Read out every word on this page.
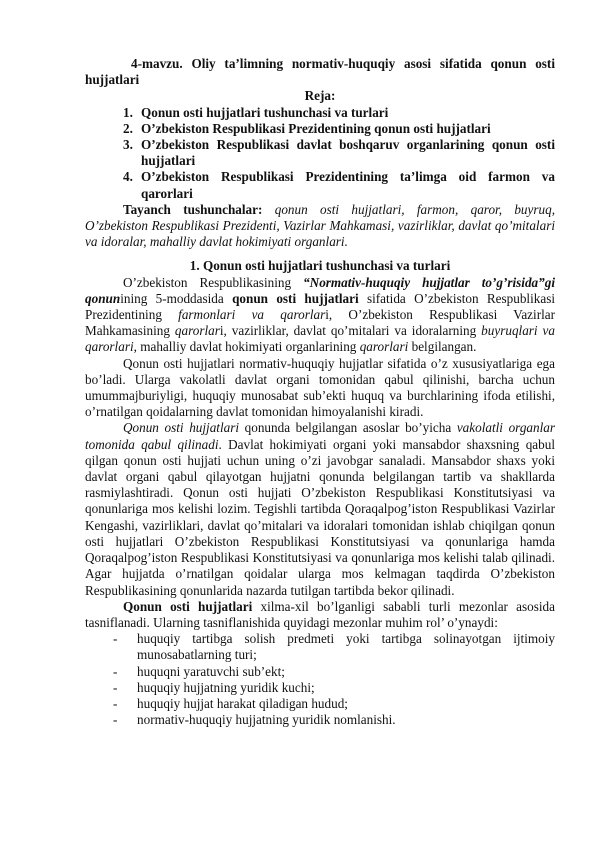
4-mavzu. Oliy ta’limning normativ-huquqiy asosi sifatida qonun osti hujjatlari

Reja:

1. Qonun osti hujjatlari tushunchasi va turlari
2. O’zbekiston Respublikasi Prezidentining qonun osti hujjatlari
3. O’zbekiston Respublikasi davlat boshqaruv organlarining qonun osti hujjatlari
4. O’zbekiston Respublikasi Prezidentining ta’limga oid farmon va qarorlari

Tayanch tushunchalar: qonun osti hujjatlari, farmon, qaror, buyruq, O’zbekiston Respublikasi Prezidenti, Vazirlar Mahkamasi, vazirliklar, davlat qo’mitalari va idoralar, mahalliy davlat hokimiyati organlari.

1. Qonun osti hujjatlari tushunchasi va turlari

O’zbekiston Respublikasining “Normativ-huquqiy hujjatlar to’g’risida”gi qonunining 5-moddasida qonun osti hujjatlari sifatida O’zbekiston Respublikasi Prezidentining farmonlari va qarorlari, O’zbekiston Respublikasi Vazirlar Mahkamasining qarorlari, vazirliklar, davlat qo’mitalari va idoralarning buyruqlari va qarorlari, mahalliy davlat hokimiyati organlarining qarorlari belgilangan.

Qonun osti hujjatlari normativ-huquqiy hujjatlar sifatida o’z xususiyatlariga ega bo’ladi. Ularga vakolatli davlat organi tomonidan qabul qilinishi, barcha uchun umummajburiyligi, huquqiy munosabat sub’ekti huquq va burchlarining ifoda etilishi, o’rnatilgan qoidalarning davlat tomonidan himoyalanishi kiradi.

Qonun osti hujjatlari qonunda belgilangan asoslar bo’yicha vakolatli organlar tomonida qabul qilinadi. Davlat hokimiyati organi yoki mansabdor shaxsning qabul qilgan qonun osti hujjati uchun uning o’zi javobgar sanaladi. Mansabdor shaxs yoki davlat organi qabul qilayotgan hujjatni qonunda belgilangan tartib va shakllarda rasmiylashtiradi. Qonun osti hujjati O’zbekiston Respublikasi Konstitutsiyasi va qonunlariga mos kelishi lozim. Tegishli tartibda Qoraqalpog’iston Respublikasi Vazirlar Kengashi, vazirliklari, davlat qo’mitalari va idoralari tomonidan ishlab chiqilgan qonun osti hujjatlari O’zbekiston Respublikasi Konstitutsiyasi va qonunlariga hamda Qoraqalpog’iston Respublikasi Konstitutsiyasi va qonunlariga mos kelishi talab qilinadi. Agar hujjatda o’rnatilgan qoidalar ularga mos kelmagan taqdirda O’zbekiston Respublikasining qonunlarida nazarda tutilgan tartibda bekor qilinadi.

Qonun osti hujjatlari xilma-xil bo’lganligi sababli turli mezonlar asosida tasniflanadi. Ularning tasniflanishida quyidagi mezonlar muhim rol’ o’ynaydi:

-	huquqiy tartibga solish predmeti yoki tartibga solinayotgan ijtimoiy munosabatlarning turi;
-	huquqni yaratuvchi sub’ekt;
-	huquqiy hujjatning yuridik kuchi;
-	huquqiy hujjat harakat qiladigan hudud;
-	normativ-huquqiy hujjatning yuridik nomlanishi.
